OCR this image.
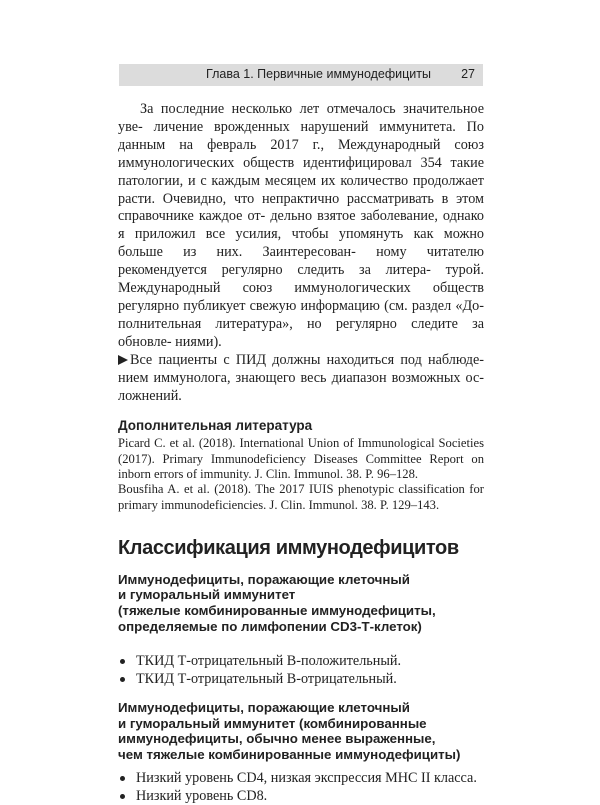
Глава 1. Первичные иммунодефициты 27

За последние несколько лет отмечалось значительное уве- личение врожденных нарушений иммунитета. По данным на февраль 2017 г., Международный союз иммунологических обществ идентифицировал 354 такие патологии, и с каждым месяцем их количество продолжает расти. Очевидно, что непрактично рассматривать в этом справочнике каждое от- дельно взятое заболевание, однако я приложил все усилия, чтобы упомянуть как можно больше из них. Заинтересован- ному читателю рекомендуется регулярно следить за литера- турой. Международный союз иммунологических обществ регулярно публикует свежую информацию (см. раздел «До- полнительная литература», но регулярно следите за обновле- ниями).

Все пациенты с ПИД должны находиться под наблюде- нием иммунолога, знающего весь диапазон возможных ос- ложнений.

Дополнительная литература

Picard C. et al. (2018). International Union of Immunological Societies (2017). Primary Immunodeficiency Diseases Committee Report on inborn errors of immunity. J. Clin. Immunol. 38. P. 96–128.

Bousfiha A. et al. (2018). The 2017 IUIS phenotypic classification for primary immunodeficiencies. J. Clin. Immunol. 38. P. 129–143.

Классификация иммунодефицитов
Иммунодефициты, поражающие клеточный
и гуморальный иммунитет
(тяжелые комбинированные иммунодефициты,
определяемые по лимфопении CD3-Т-клеток)
ТКИД Т-отрицательный В-положительный.
ТКИД Т-отрицательный В-отрицательный.
Иммунодефициты, поражающие клеточный
и гуморальный иммунитет (комбинированные
иммунодефициты, обычно менее выраженные,
чем тяжелые комбинированные иммунодефициты)
Низкий уровень CD4, низкая экспрессия МНС II класса.
Низкий уровень CD8.
